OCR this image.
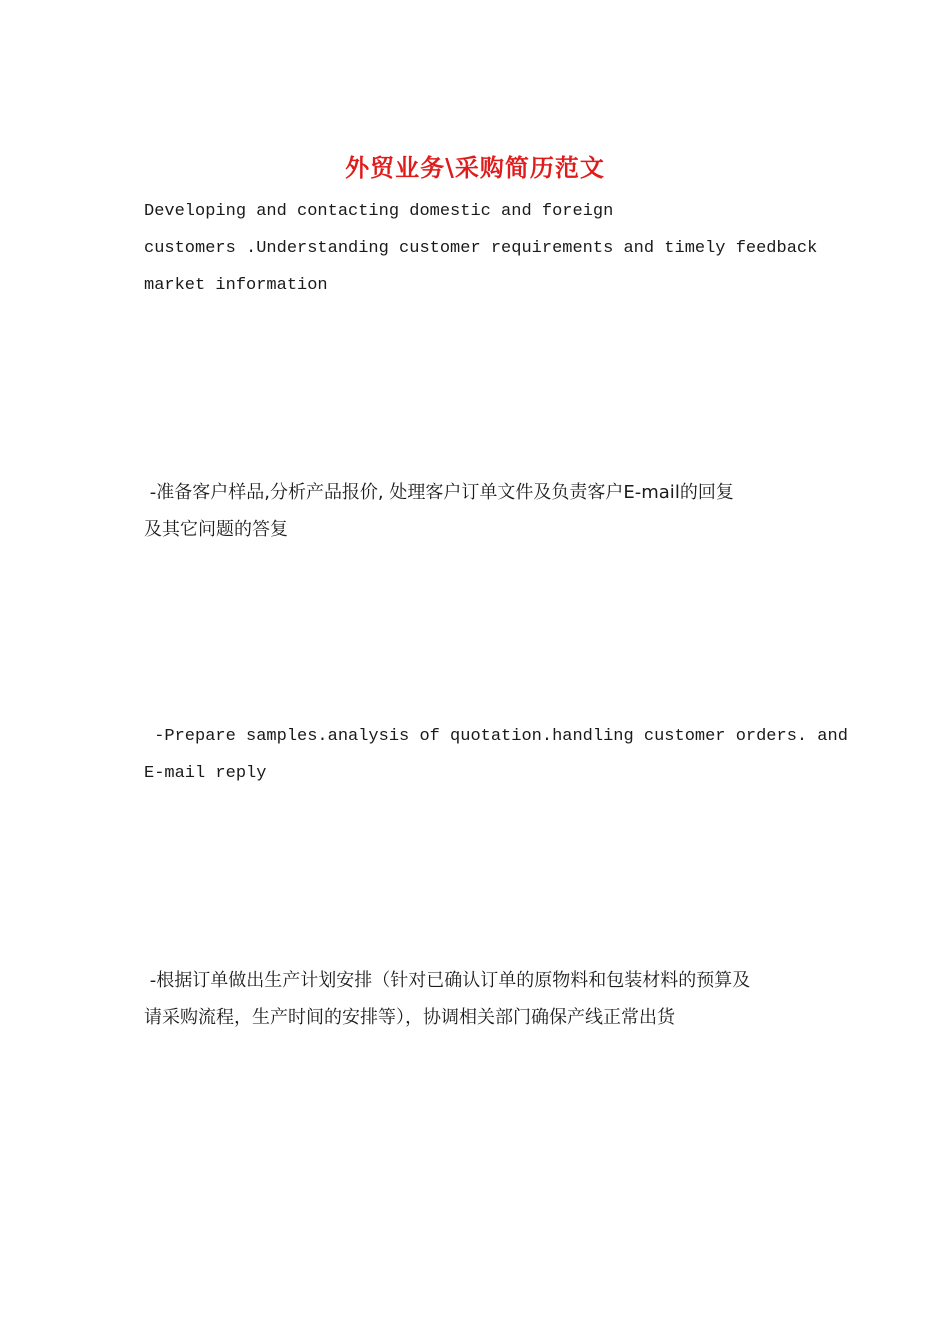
外贸业务\采购简历范文
Developing and contacting domestic and foreign
customers .Understanding customer requirements and timely feedback
market information
-准备客户样品,分析产品报价, 处理客户订单文件及负责客户E-mail的回复
及其它问题的答复
-Prepare samples.analysis of quotation.handling customer orders. and
E-mail reply
-根据订单做出生产计划安排（针对已确认订单的原物料和包装材料的预算及
请采购流程，生产时间的安排等），协调相关部门确保产线正常出货
